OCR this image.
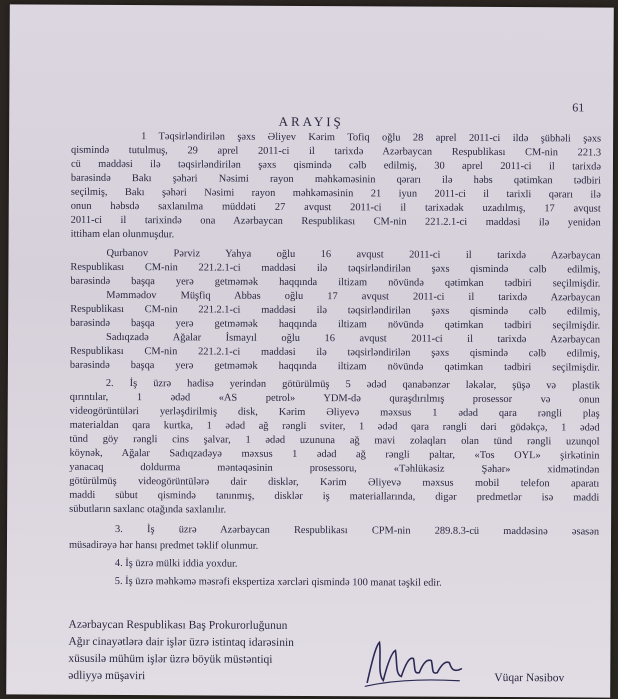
61
ARAYIŞ
1 Təqsirləndirilən şəxs Əliyev Kərim Tofiq oğlu 28 aprel 2011-ci ildə şübhəli şəxs
qismində tutulmuş, 29 aprel 2011-ci il tarixdə Azərbaycan Respublikası CM-nin 221.3
cü maddəsi ilə təqsirləndirilən şəxs qismində cəlb edilmiş, 30 aprel 2011-ci il tarixdə
barəsində Bakı şəhəri Nəsimi rayon məhkəməsinin qərarı ilə həbs qətimkan tədbiri
seçilmiş, Bakı şəhəri Nəsimi rayon məhkəməsinin 21 iyun 2011-ci il tarixli qərarı ilə
onun həbsdə saxlanılma müddəti 27 avqust 2011-ci il tarixədək uzadılmış, 17 avqust
2011-ci il tarixində ona Azərbaycan Respublikası CM-nin 221.2.1-ci maddəsi ilə yenidən
ittiham elan olunmuşdur.
Qurbanov Pərviz Yahya oğlu 16 avqust 2011-ci il tarixdə Azərbaycan
Respublikası CM-nin 221.2.1-ci maddəsi ilə təqsirləndirilən şəxs qismində cəlb edilmiş,
barəsində başqa yerə getməmək haqqında iltizam növündə qətimkan tədbiri seçilmişdir.
Məmmədov Müşfiq Abbas oğlu 17 avqust 2011-ci il tarixdə Azərbaycan
Respublikası CM-nin 221.2.1-ci maddəsi ilə təqsirləndirilən şəxs qismində cəlb edilmiş,
barəsində başqa yerə getməmək haqqında iltizam növündə qətimkan tədbiri seçilmişdir.
Sadıqzadə Ağalar İsmayıl oğlu 16 avqust 2011-ci il tarixdə Azərbaycan
Respublikası CM-nin 221.2.1-ci maddəsi ilə təqsirləndirilən şəxs qismində cəlb edilmiş,
barəsində başqa yerə getməmək haqqında iltizam növündə qətimkan tədbiri seçilmişdir.
2. İş üzrə hadisə yerindən götürülmüş 5 ədəd qanabənzər ləkələr, şüşə və plastik
qırıntılar, 1 ədəd «AS petrol» YDM-də quraşdırılmış prosessor və onun
videogörüntüləri yerləşdirilmiş disk, Kərim Əliyevə məxsus 1 ədəd qara rəngli plaş
materialdan qara kurtka, 1 ədəd ağ rəngli sviter, 1 ədəd qara rəngli dəri gödəkçə, 1 ədəd
tünd göy rəngli cins şalvar, 1 ədəd uzununa ağ mavi zolaqları olan tünd rəngli uzunqol
köynək, Ağalar Sadıqzadəyə məxsus 1 ədəd ağ rəngli paltar, «Tos OYL» şirkətinin
yanacaq doldurma məntəqəsinin prosessoru, «Təhlükəsiz Şəhər» xidmətindən
götürülmüş videogörüntülərə dair disklər, Kərim Əliyevə məxsus mobil telefon aparatı
maddi sübut qismində tanınmış, disklər iş materiallarında, digər predmetlər isə maddi
sübutların saxlanc otağında saxlanılır.
3. İş üzrə Azərbaycan Respublikası CPM-nin 289.8.3-cü maddəsinə əsasən
müsadirəyə hər hansı predmet təklif olunmur.
4. İş üzrə mülki iddia yoxdur.
5. İş üzrə məhkəmə məsrəfi ekspertiza xərcləri qismində 100 manat təşkil edir.
Azərbaycan Respublikası Baş Prokurorluğunun
Ağır cinayətlərə dair işlər üzrə istintaq idarəsinin
xüsusilə mühüm işlər üzrə böyük müstəntiqi
ədliyyə müşaviri	Vüqar Nəsibov
